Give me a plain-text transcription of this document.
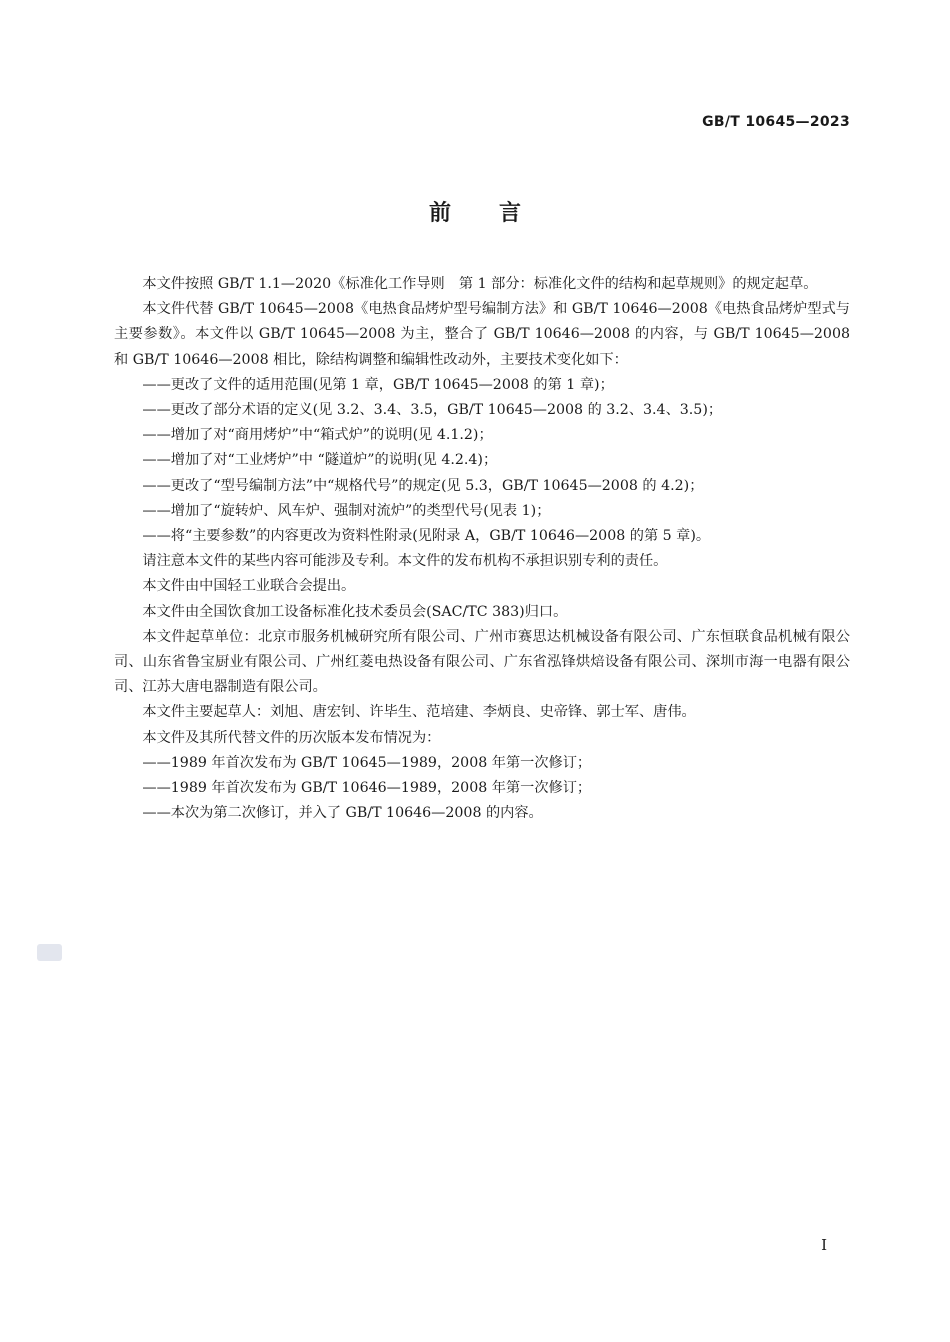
GB/T 10645—2023
前言

本文件按照 GB/T 1.1—2020《标准化工作导则　第 1 部分：标准化文件的结构和起草规则》的规定起草。

本文件代替 GB/T 10645—2008《电热食品烤炉型号编制方法》和 GB/T 10646—2008《电热食品烤炉型式与主要参数》。本文件以 GB/T 10645—2008 为主，整合了 GB/T 10646—2008 的内容，与 GB/T 10645—2008 和 GB/T 10646—2008 相比，除结构调整和编辑性改动外，主要技术变化如下：

——更改了文件的适用范围(见第 1 章，GB/T 10645—2008 的第 1 章)；

——更改了部分术语的定义(见 3.2、3.4、3.5，GB/T 10645—2008 的 3.2、3.4、3.5)；

——增加了对“商用烤炉”中“箱式炉”的说明(见 4.1.2)；

——增加了对“工业烤炉”中 “隧道炉”的说明(见 4.2.4)；

——更改了“型号编制方法”中“规格代号”的规定(见 5.3，GB/T 10645—2008 的 4.2)；

——增加了“旋转炉、风车炉、强制对流炉”的类型代号(见表 1)；

——将“主要参数”的内容更改为资料性附录(见附录 A，GB/T 10646—2008 的第 5 章)。

请注意本文件的某些内容可能涉及专利。本文件的发布机构不承担识别专利的责任。

本文件由中国轻工业联合会提出。

本文件由全国饮食加工设备标准化技术委员会(SAC/TC 383)归口。

本文件起草单位：北京市服务机械研究所有限公司、广州市赛思达机械设备有限公司、广东恒联食品机械有限公司、山东省鲁宝厨业有限公司、广州红菱电热设备有限公司、广东省泓锋烘焙设备有限公司、深圳市海一电器有限公司、江苏大唐电器制造有限公司。

本文件主要起草人：刘旭、唐宏钊、许毕生、范培建、李炳良、史帝锋、郭士军、唐伟。

本文件及其所代替文件的历次版本发布情况为：

——1989 年首次发布为 GB/T 10645—1989，2008 年第一次修订；

——1989 年首次发布为 GB/T 10646—1989，2008 年第一次修订；

——本次为第二次修订，并入了 GB/T 10646—2008 的内容。

I
